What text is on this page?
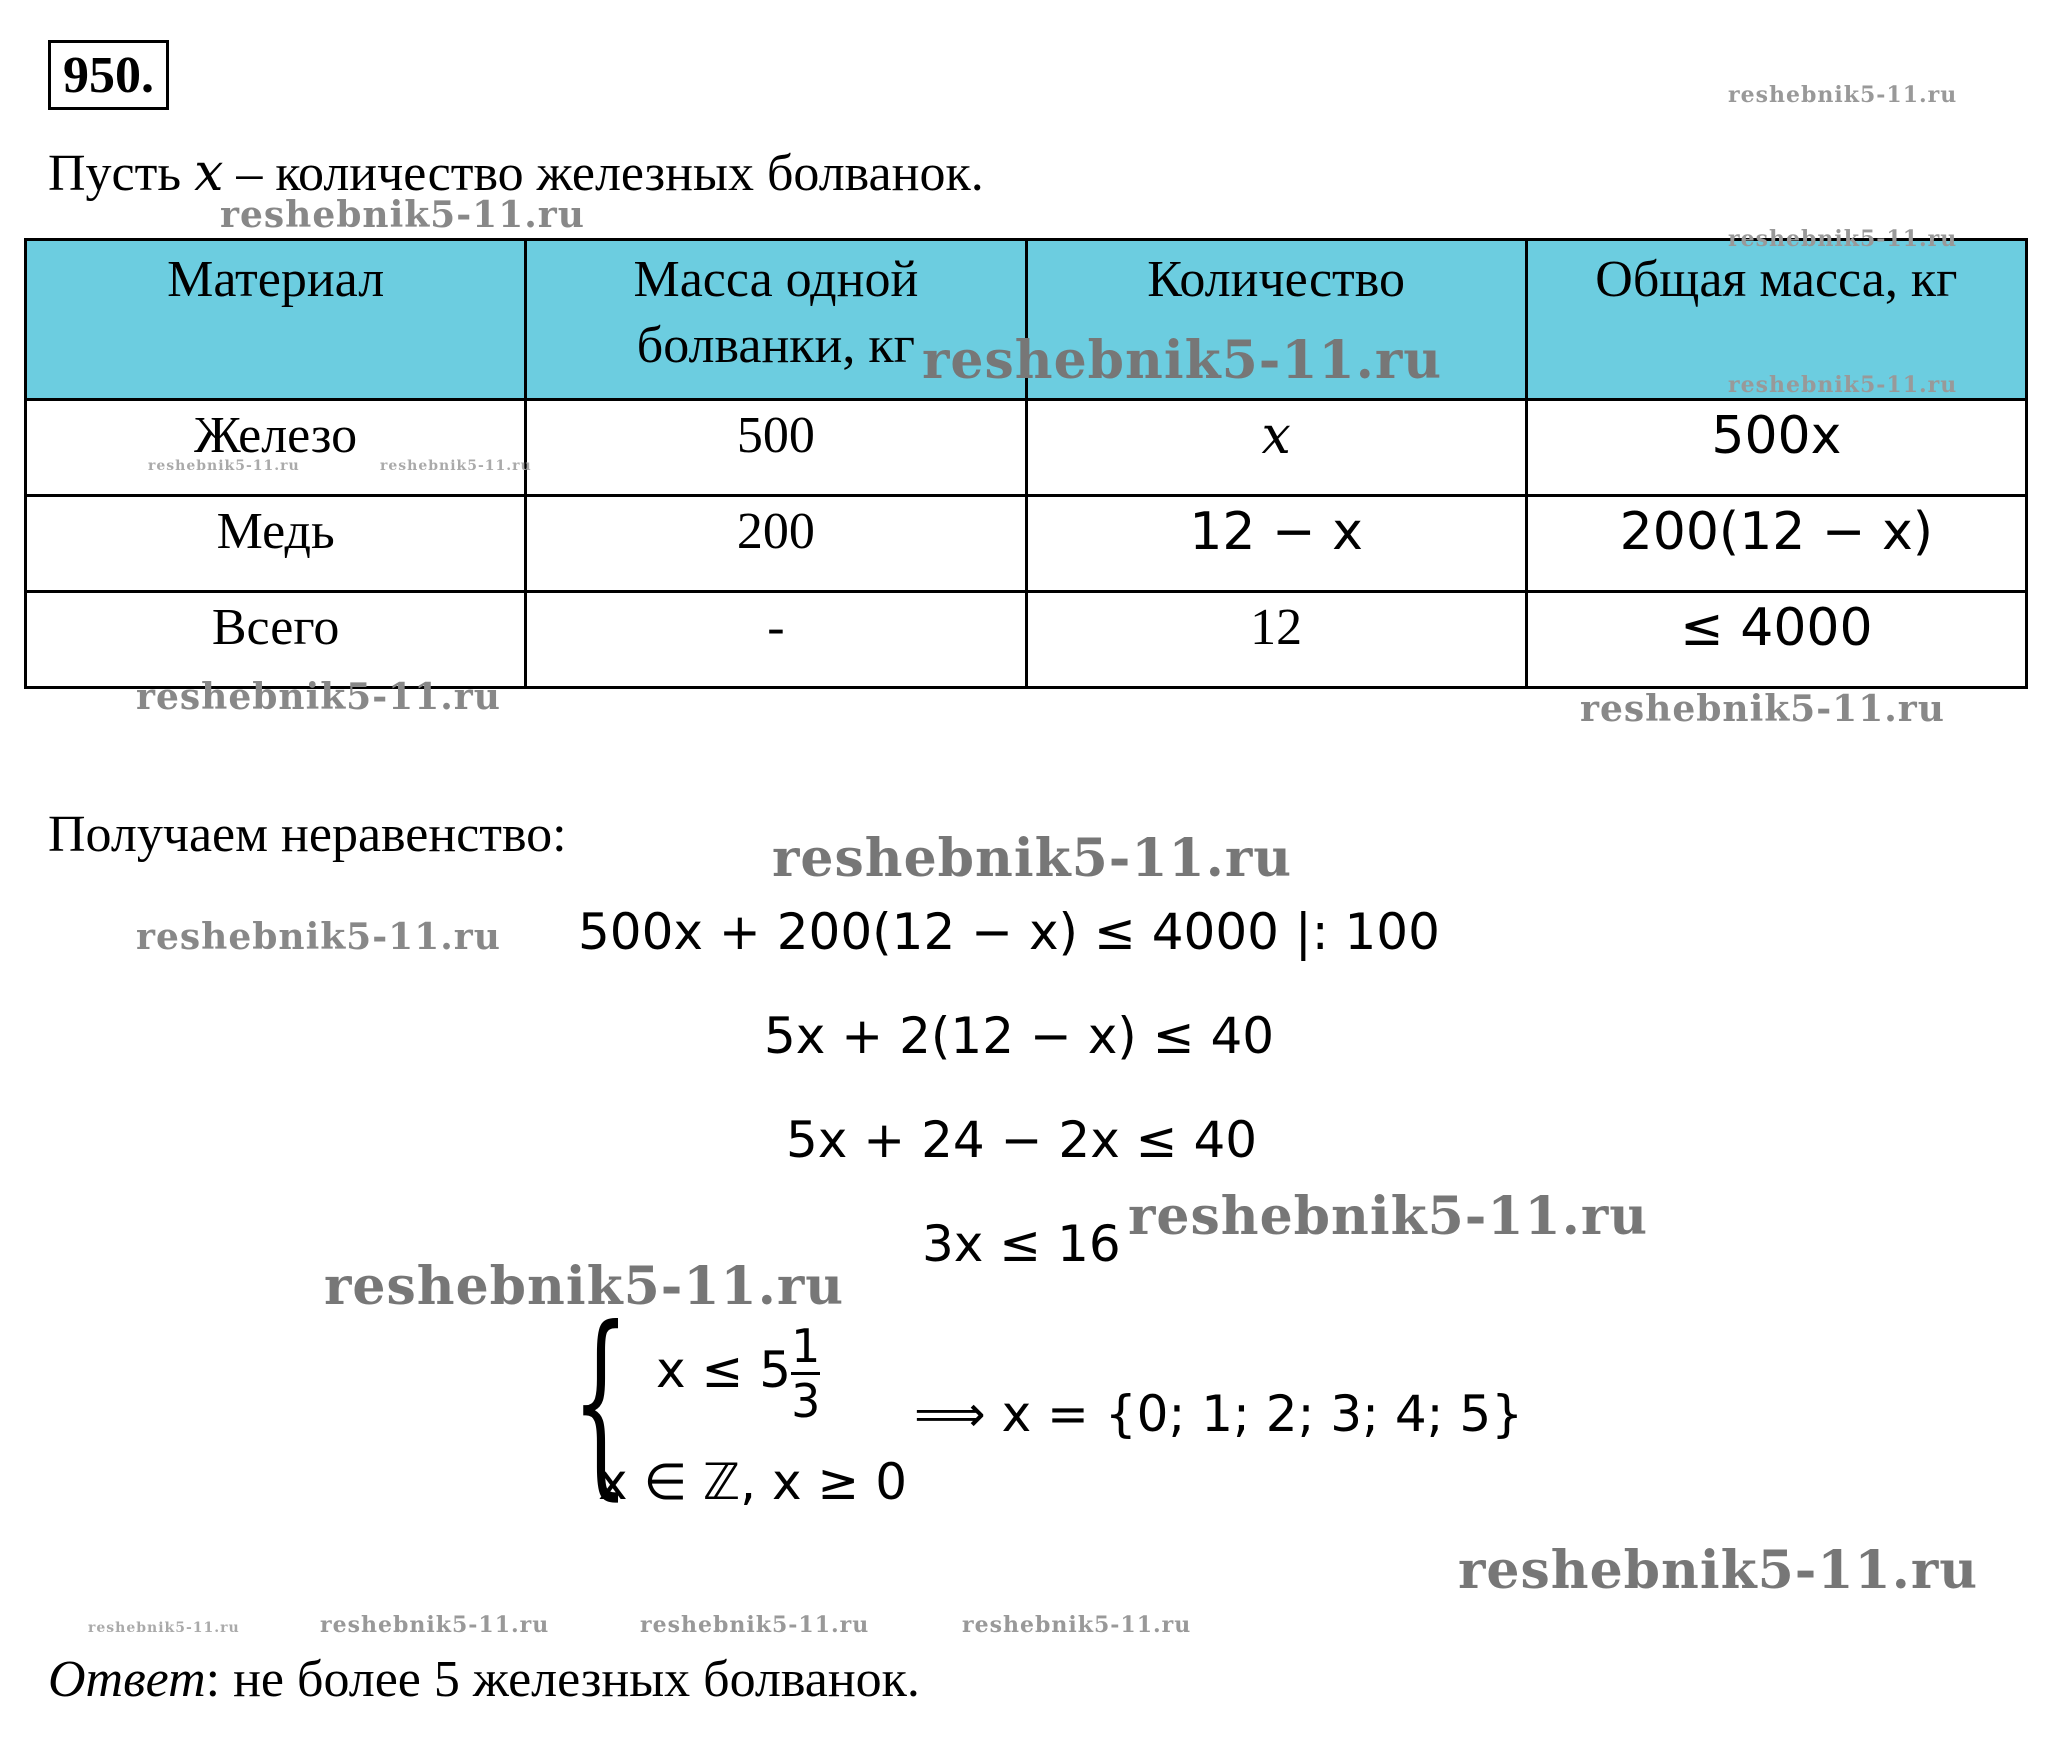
950.
Пусть x – количество железных болванок.
Материал	Масса одной болванки, кг	Количество	Общая масса, кг
Железо	500	x	500x
Медь	200	12 − x	200(12 − x)
Всего	-	12	≤ 4000
Получаем неравенство:
500x + 200(12 − x) ≤ 4000 |: 100
5x + 2(12 − x) ≤ 40
5x + 24 − 2x ≤ 40
3x ≤ 16
{ $x \le 5 \frac{1}{3}$
x ∈ ℤ, x ≥ 0
⟹ x = {0; 1; 2; 3; 4; 5}
Ответ: не более 5 железных болванок.
reshebnik5-11.ru
reshebnik5-11.ru
reshebnik5-11.ru
reshebnik5-11.ru	reshebnik5-11.ru
reshebnik5-11.ru	reshebnik5-11.ru
reshebnik5-11.ru	reshebnik5-11.ru
reshebnik5-11.ru
reshebnik5-11.ru
reshebnik5-11.ru
reshebnik5-11.ru
reshebnik5-11.ru
reshebnik5-11.ru	reshebnik5-11.ru	reshebnik5-11.ru	reshebnik5-11.ru
